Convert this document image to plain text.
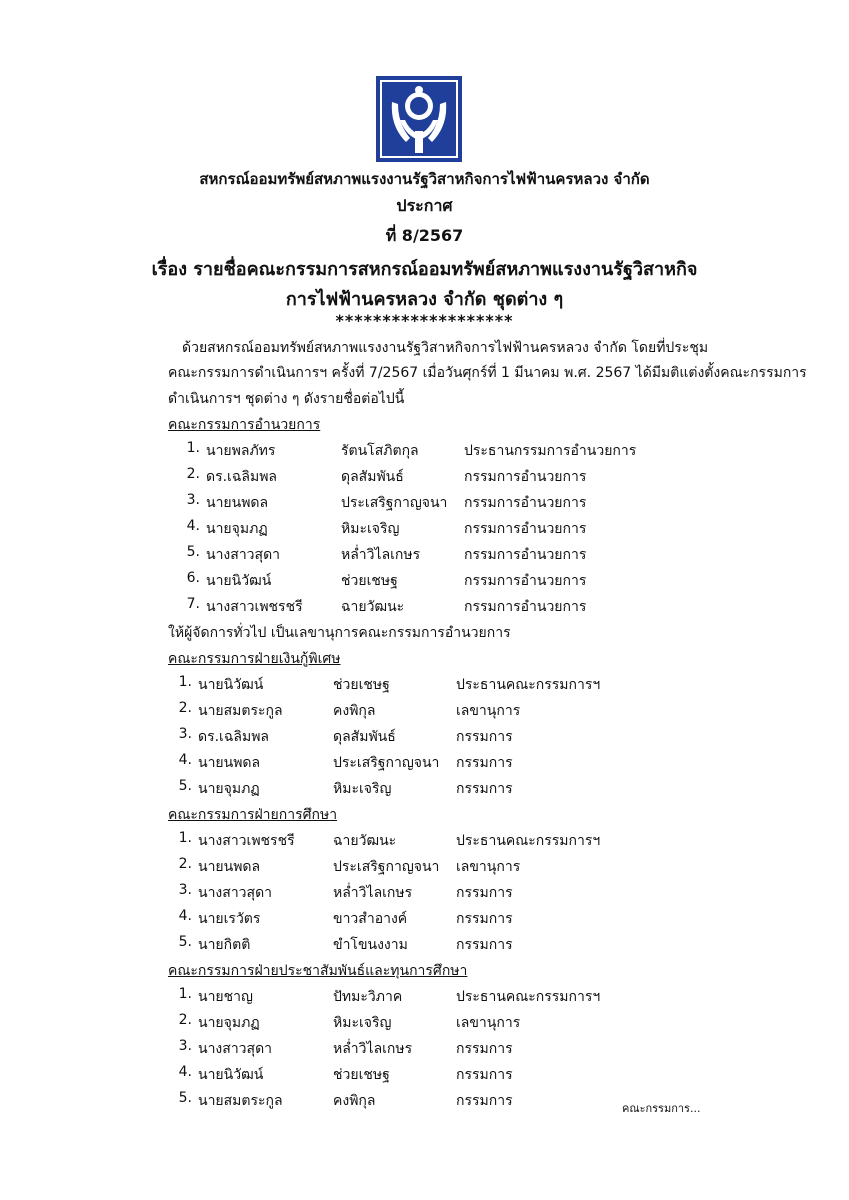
สหกรณ์ออมทรัพย์สหภาพแรงงานรัฐวิสาหกิจการไฟฟ้านครหลวง จำกัด
ประกาศ
ที่ 8/2567
เรื่อง รายชื่อคณะกรรมการสหกรณ์ออมทรัพย์สหภาพแรงงานรัฐวิสาหกิจ
การไฟฟ้านครหลวง จำกัด ชุดต่าง ๆ
*******************
ด้วยสหกรณ์ออมทรัพย์สหภาพแรงงานรัฐวิสาหกิจการไฟฟ้านครหลวง จำกัด โดยที่ประชุม
คณะกรรมการดำเนินการฯ ครั้งที่ 7/2567 เมื่อวันศุกร์ที่ 1 มีนาคม พ.ศ. 2567 ได้มีมติแต่งตั้งคณะกรรมการ
ดำเนินการฯ ชุดต่าง ๆ ดังรายชื่อต่อไปนี้
คณะกรรมการอำนวยการ
1. นายพลภัทร	รัตนโสภิตกุล	ประธานกรรมการอำนวยการ
2. ดร.เฉลิมพล	ดุลสัมพันธ์	กรรมการอำนวยการ
3. นายนพดล	ประเสริฐกาญจนา กรรมการอำนวยการ
4. นายจุมภฏ	หิมะเจริญ	กรรมการอำนวยการ
5. นางสาวสุดา	หล่ำวิไลเกษร	กรรมการอำนวยการ
6. นายนิวัฒน์	ช่วยเชษฐ	กรรมการอำนวยการ
7. นางสาวเพชรชรี	ฉายวัฒนะ	กรรมการอำนวยการ
ให้ผู้จัดการทั่วไป เป็นเลขานุการคณะกรรมการอำนวยการ
คณะกรรมการฝ่ายเงินกู้พิเศษ
1. นายนิวัฒน์	ช่วยเชษฐ	ประธานคณะกรรมการฯ
2. นายสมตระกูล	คงพิกุล	เลขานุการ
3. ดร.เฉลิมพล	ดุลสัมพันธ์	กรรมการ
4. นายนพดล	ประเสริฐกาญจนา กรรมการ
5. นายจุมภฏ	หิมะเจริญ	กรรมการ
คณะกรรมการฝ่ายการศึกษา
1. นางสาวเพชรชรี	ฉายวัฒนะ	ประธานคณะกรรมการฯ
2. นายนพดล	ประเสริฐกาญจนา เลขานุการ
3. นางสาวสุดา	หล่ำวิไลเกษร	กรรมการ
4. นายเรวัตร	ขาวสำอางค์	กรรมการ
5. นายกิตติ	ขำโขนงงาม	กรรมการ
คณะกรรมการฝ่ายประชาสัมพันธ์และทุนการศึกษา
1. นายชาญ	ปัทมะวิภาค	ประธานคณะกรรมการฯ
2. นายจุมภฏ	หิมะเจริญ	เลขานุการ
3. นางสาวสุดา	หล่ำวิไลเกษร	กรรมการ
4. นายนิวัฒน์	ช่วยเชษฐ	กรรมการ
5. นายสมตระกูล	คงพิกุล	กรรมการ	คณะกรรมการ...
